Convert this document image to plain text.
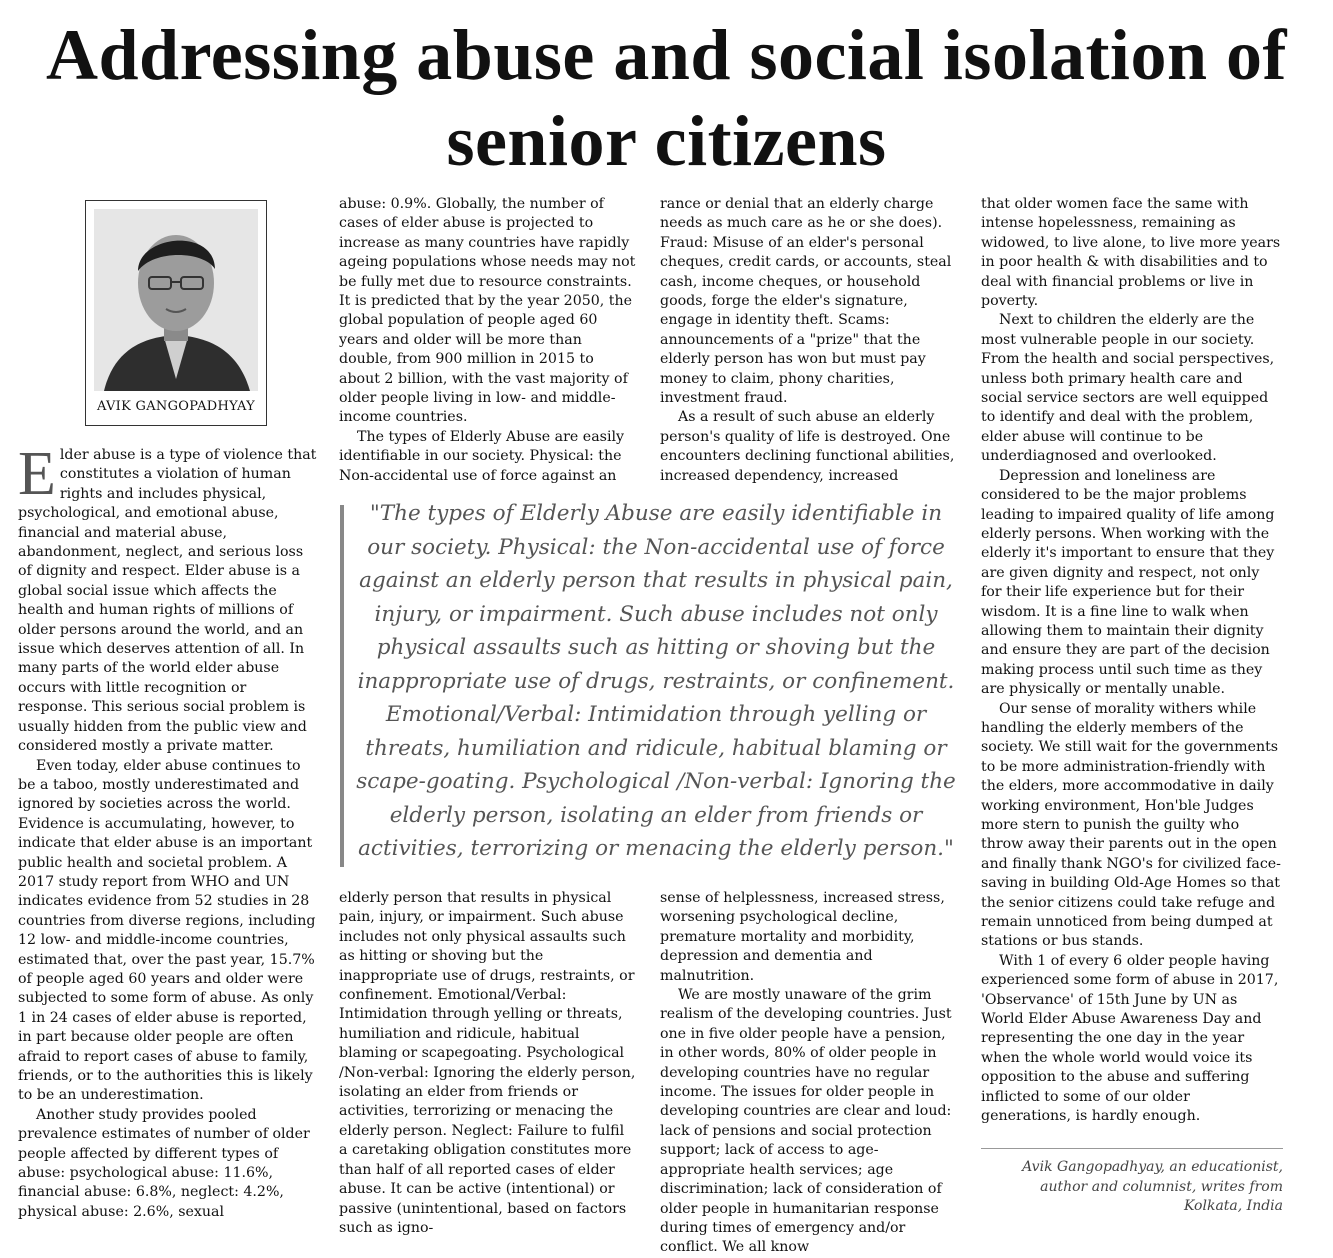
Addressing abuse and social isolation of senior citizens
AVIK GANGOPADHYAY

Elder abuse is a type of violence that constitutes a violation of human rights and includes physical, psychological, and emotional abuse, financial and material abuse, abandonment, neglect, and serious loss of dignity and respect. Elder abuse is a global social issue which affects the health and human rights of millions of older persons around the world, and an issue which deserves attention of all. In many parts of the world elder abuse occurs with little recognition or response. This serious social problem is usually hidden from the public view and considered mostly a private matter.

Even today, elder abuse continues to be a taboo, mostly underestimated and ignored by societies across the world. Evidence is accumulating, however, to indicate that elder abuse is an important public health and societal problem. A 2017 study report from WHO and UN indicates evidence from 52 studies in 28 countries from diverse regions, including 12 low- and middle-income countries, estimated that, over the past year, 15.7% of people aged 60 years and older were subjected to some form of abuse. As only 1 in 24 cases of elder abuse is reported, in part because older people are often afraid to report cases of abuse to family, friends, or to the authorities this is likely to be an underestimation.

Another study provides pooled prevalence estimates of number of older people affected by different types of abuse: psychological abuse: 11.6%, financial abuse: 6.8%, neglect: 4.2%, physical abuse: 2.6%, sexual

abuse: 0.9%. Globally, the number of cases of elder abuse is projected to increase as many countries have rapidly ageing populations whose needs may not be fully met due to resource constraints. It is predicted that by the year 2050, the global population of people aged 60 years and older will be more than double, from 900 million in 2015 to about 2 billion, with the vast majority of older people living in low- and middle-income countries.

The types of Elderly Abuse are easily identifiable in our society. Physical: the Non-accidental use of force against an

elderly person that results in physical pain, injury, or impairment. Such abuse includes not only physical assaults such as hitting or shoving but the inappropriate use of drugs, restraints, or confinement. Emotional/Verbal: Intimidation through yelling or threats, humiliation and ridicule, habitual blaming or scapegoating. Psychological /Non-verbal: Ignoring the elderly person, isolating an elder from friends or activities, terrorizing or menacing the elderly person. Neglect: Failure to fulfil a caretaking obligation constitutes more than half of all reported cases of elder abuse. It can be active (intentional) or passive (unintentional, based on factors such as igno-

rance or denial that an elderly charge needs as much care as he or she does). Fraud: Misuse of an elder's personal cheques, credit cards, or accounts, steal cash, income cheques, or household goods, forge the elder's signature, engage in identity theft. Scams: announcements of a "prize" that the elderly person has won but must pay money to claim, phony charities, investment fraud.

As a result of such abuse an elderly person's quality of life is destroyed. One encounters declining functional abilities, increased dependency, increased

sense of helplessness, increased stress, worsening psychological decline, premature mortality and morbidity, depression and dementia and malnutrition.

We are mostly unaware of the grim realism of the developing countries. Just one in five older people have a pension, in other words, 80% of older people in developing countries have no regular income. The issues for older people in developing countries are clear and loud: lack of pensions and social protection support; lack of access to age-appropriate health services; age discrimination; lack of consideration of older people in humanitarian response during times of emergency and/or conflict. We all know

that older women face the same with intense hopelessness, remaining as widowed, to live alone, to live more years in poor health & with disabilities and to deal with financial problems or live in poverty.

Next to children the elderly are the most vulnerable people in our society. From the health and social perspectives, unless both primary health care and social service sectors are well equipped to identify and deal with the problem, elder abuse will continue to be underdiagnosed and overlooked.

Depression and loneliness are considered to be the major problems leading to impaired quality of life among elderly persons. When working with the elderly it's important to ensure that they are given dignity and respect, not only for their life experience but for their wisdom. It is a fine line to walk when allowing them to maintain their dignity and ensure they are part of the decision making process until such time as they are physically or mentally unable.

Our sense of morality withers while handling the elderly members of the society. We still wait for the governments to be more administration-friendly with the elders, more accommodative in daily working environment, Hon'ble Judges more stern to punish the guilty who throw away their parents out in the open and finally thank NGO's for civilized face-saving in building Old-Age Homes so that the senior citizens could take refuge and remain unnoticed from being dumped at stations or bus stands.

With 1 of every 6 older people having experienced some form of abuse in 2017, 'Observance' of 15th June by UN as World Elder Abuse Awareness Day and representing the one day in the year when the whole world would voice its opposition to the abuse and suffering inflicted to some of our older generations, is hardly enough.

"The types of Elderly Abuse are easily identifiable in our society. Physical: the Non-accidental use of force against an elderly person that results in physical pain, injury, or impairment. Such abuse includes not only physical assaults such as hitting or shoving but the inappropriate use of drugs, restraints, or confinement. Emotional/Verbal: Intimidation through yelling or threats, humiliation and ridicule, habitual blaming or scape-goating. Psychological /Non-verbal: Ignoring the elderly person, isolating an elder from friends or activities, terrorizing or menacing the elderly person."

Avik Gangopadhyay, an educationist, author and columnist, writes from Kolkata, India
